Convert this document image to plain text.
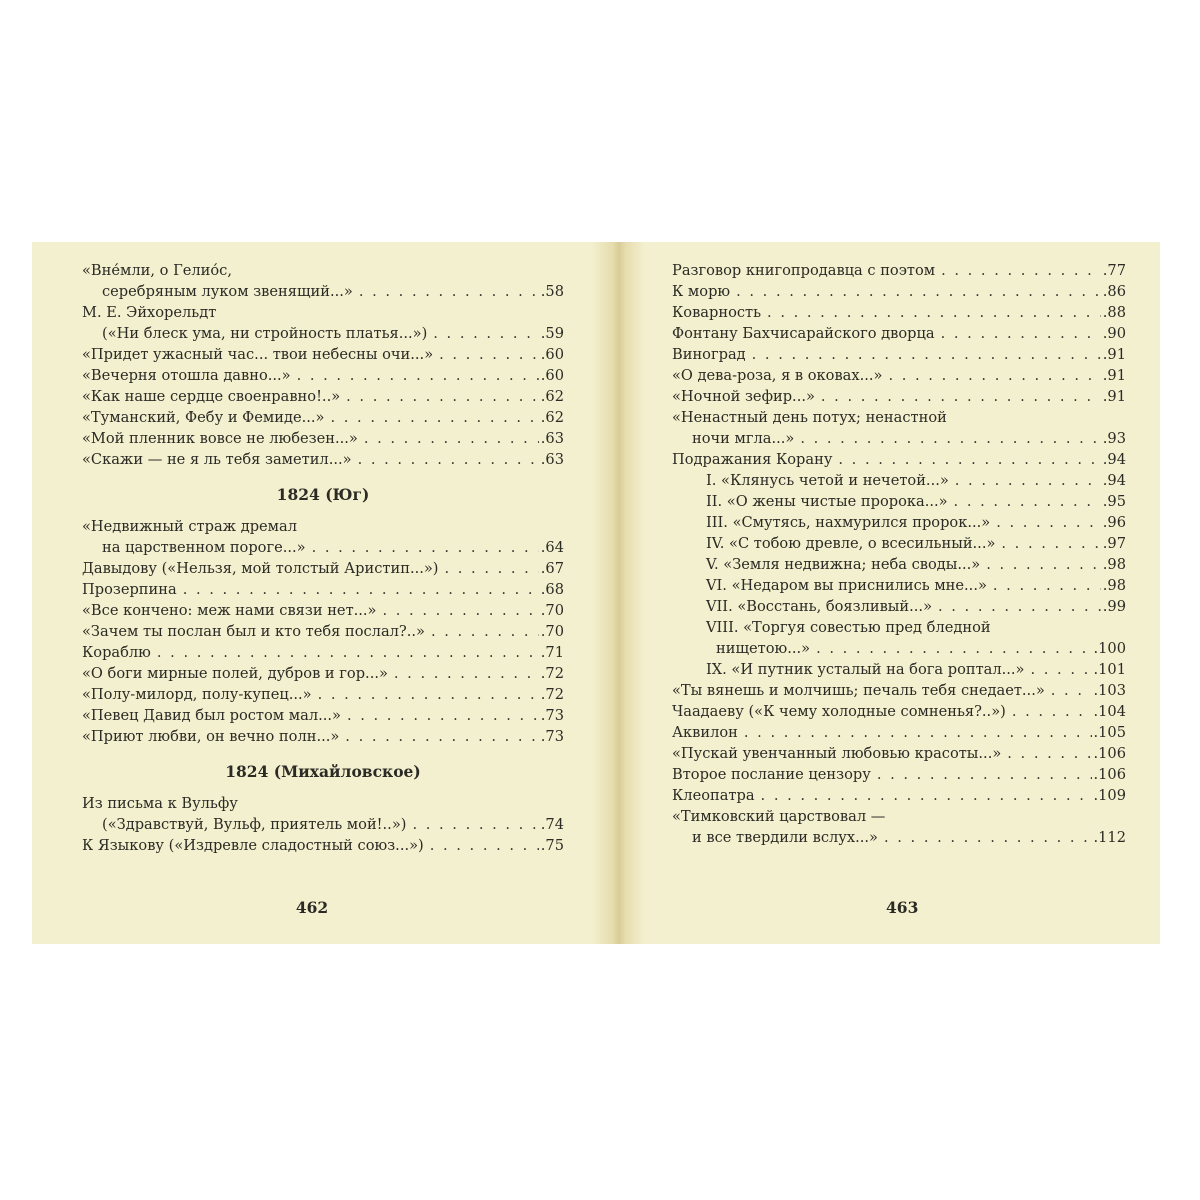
«Вне́мли, о Гелио́с,
серебряным луком звенящий...» . . .	.58
М. Е. Эйхорельдт
(«Ни блеск ума, ни стройность платья...») . . .	.59
«Придет ужасный час... твои небесны очи...» . . .	.60
«Вечерня отошла давно...» . . .	.60
«Как наше сердце своенравно!..» . . .	.62
«Туманский, Фебу и Фемиде...» . . .	.62
«Мой пленник вовсе не любезен...» . . .	.63
«Скажи — не я ль тебя заметил...» . . .	.63
1824 (Юг)
«Недвижный страж дремал
на царственном пороге...» . . .	.64
Давыдову («Нельзя, мой толстый Аристип...») . . .	.67
Прозерпина . . .	.68
«Все кончено: меж нами связи нет...» . . .	.70
«Зачем ты послан был и кто тебя послал?..» . . .	.70
Кораблю . . .	.71
«О боги мирные полей, дубров и гор...» . . .	.72
«Полу-милорд, полу-купец...» . . .	.72
«Певец Давид был ростом мал...» . . .	.73
«Приют любви, он вечно полн...» . . .	.73
1824 (Михайловское)
Из письма к Вульфу
(«Здравствуй, Вульф, приятель мой!..») . . .	.74
К Языкову («Издревле сладостный союз...») . . .	.75
462
Разговор книгопродавца с поэтом . . .	.77
К морю . . .	.86
Коварность . . .	.88
Фонтану Бахчисарайского дворца . . .	.90
Виноград . . .	.91
«О дева-роза, я в оковах...» . . .	.91
«Ночной зефир...» . . .	.91
«Ненастный день потух; ненастной
ночи мгла...» . . .	.93
Подражания Корану . . .	.94
I. «Клянусь четой и нечетой...» . . .	.94
II. «О жены чистые пророка...» . . .	.95
III. «Смутясь, нахмурился пророк...» . . .	.96
IV. «С тобою древле, о всесильный...» . . .	.97
V. «Земля недвижна; неба своды...» . . .	.98
VI. «Недаром вы приснились мне...» . . .	.98
VII. «Восстань, боязливый...» . . .	.99
VIII. «Торгуя совестью пред бледной
нищетою...» . . .	.100
IX. «И путник усталый на бога роптал...» . . .	.101
«Ты вянешь и молчишь; печаль тебя снедает...» . . .	.103
Чаадаеву («К чему холодные сомненья?..») . . .	.104
Аквилон . . .	.105
«Пускай увенчанный любовью красоты...» . . .	.106
Второе послание цензору . . .	.106
Клеопатра . . .	.109
«Тимковский царствовал —
и все твердили вслух...» . . .	.112
463
